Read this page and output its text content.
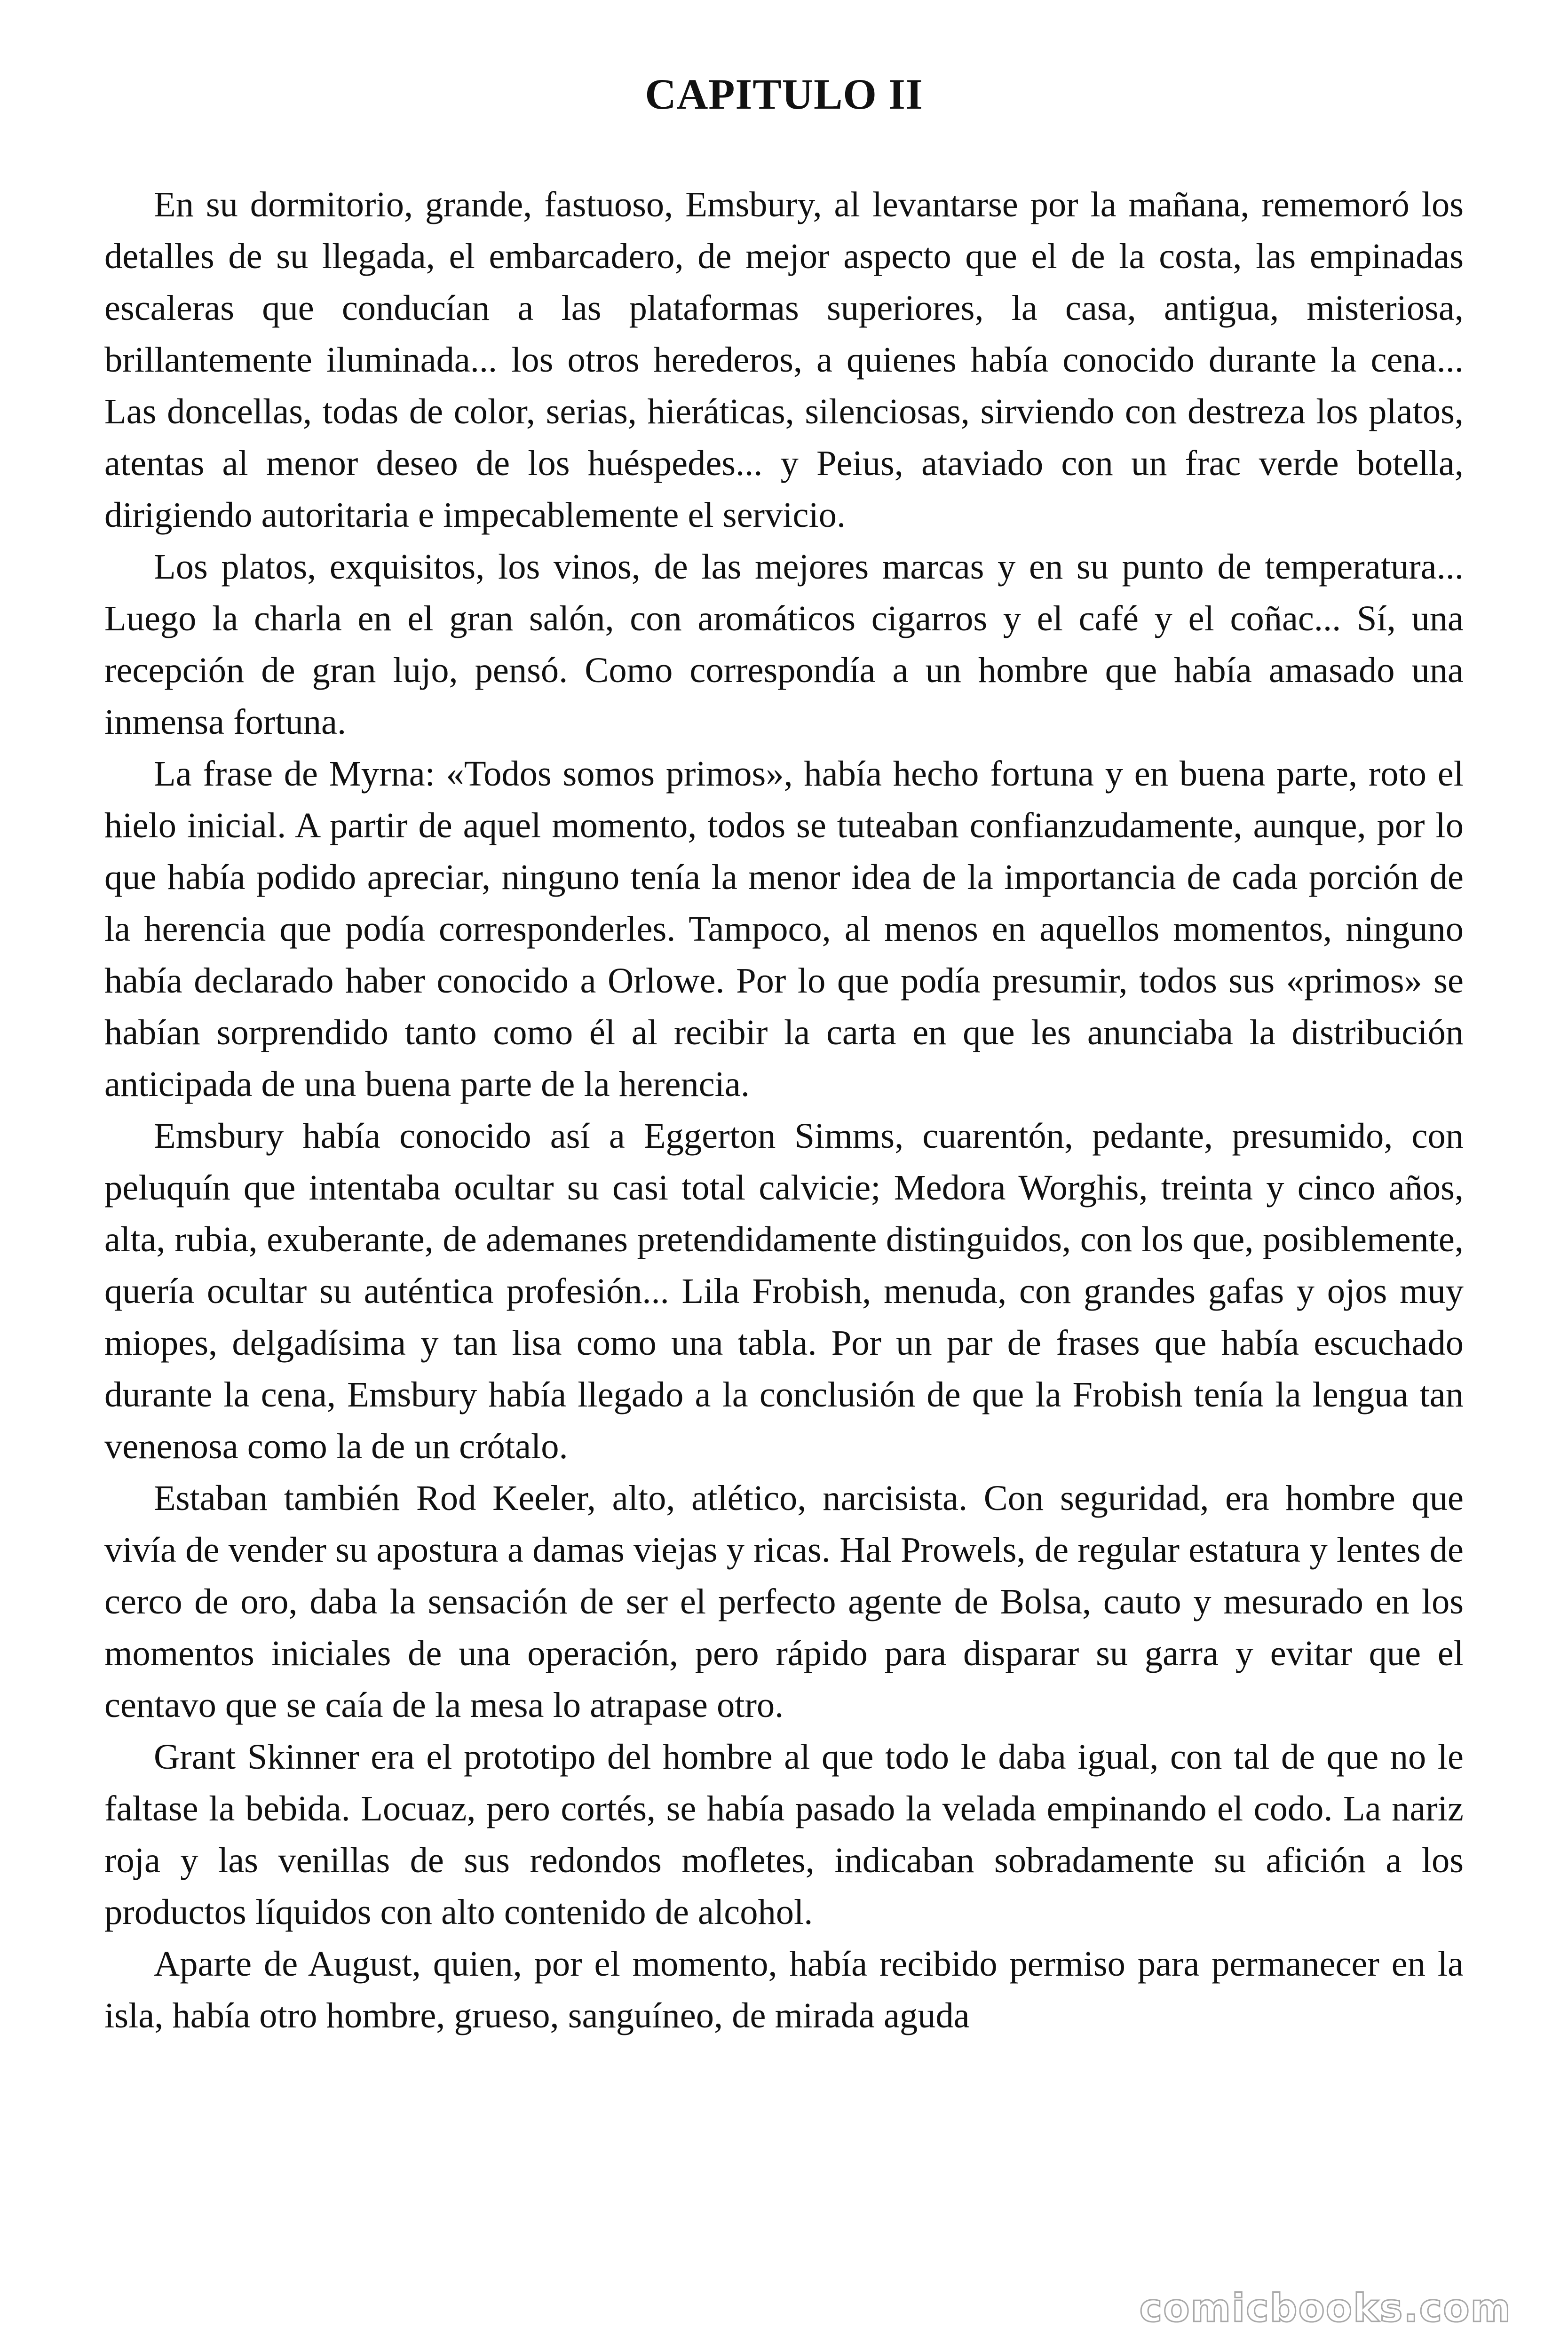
CAPITULO II

En su dormitorio, grande, fastuoso, Emsbury, al levantarse por la mañana, rememoró los detalles de su llegada, el embarcadero, de mejor aspecto que el de la costa, las empinadas escaleras que conducían a las plataformas superiores, la casa, antigua, misteriosa, brillantemente iluminada... los otros herederos, a quienes había conocido durante la cena... Las doncellas, todas de color, serias, hieráticas, silenciosas, sirviendo con destreza los platos, atentas al menor deseo de los huéspedes... y Peius, ataviado con un frac verde botella, dirigiendo autoritaria e impecablemente el servicio.

Los platos, exquisitos, los vinos, de las mejores marcas y en su punto de temperatura... Luego la charla en el gran salón, con aromáticos cigarros y el café y el coñac... Sí, una recepción de gran lujo, pensó. Como correspondía a un hombre que había amasado una inmensa fortuna.

La frase de Myrna: «Todos somos primos», había hecho fortuna y en buena parte, roto el hielo inicial. A partir de aquel momento, todos se tuteaban confianzudamente, aunque, por lo que había podido apreciar, ninguno tenía la menor idea de la importancia de cada porción de la herencia que podía corresponderles. Tampoco, al menos en aquellos momentos, ninguno había declarado haber conocido a Orlowe. Por lo que podía presumir, todos sus «primos» se habían sorprendido tanto como él al recibir la carta en que les anunciaba la distribución anticipada de una buena parte de la herencia.

Emsbury había conocido así a Eggerton Simms, cuarentón, pedante, presumido, con peluquín que intentaba ocultar su casi total calvicie; Medora Worghis, treinta y cinco años, alta, rubia, exuberante, de ademanes pretendidamente distinguidos, con los que, posiblemente, quería ocultar su auténtica profesión... Lila Frobish, menuda, con grandes gafas y ojos muy miopes, delgadísima y tan lisa como una tabla. Por un par de frases que había escuchado durante la cena, Emsbury había llegado a la conclusión de que la Frobish tenía la lengua tan venenosa como la de un crótalo.

Estaban también Rod Keeler, alto, atlético, narcisista. Con seguridad, era hombre que vivía de vender su apostura a damas viejas y ricas. Hal Prowels, de regular estatura y lentes de cerco de oro, daba la sensación de ser el perfecto agente de Bolsa, cauto y mesurado en los momentos iniciales de una operación, pero rápido para disparar su garra y evitar que el centavo que se caía de la mesa lo atrapase otro.

Grant Skinner era el prototipo del hombre al que todo le daba igual, con tal de que no le faltase la bebida. Locuaz, pero cortés, se había pasado la velada empinando el codo. La nariz roja y las venillas de sus redondos mofletes, indicaban sobradamente su afición a los productos líquidos con alto contenido de alcohol.

Aparte de August, quien, por el momento, había recibido permiso para permanecer en la isla, había otro hombre, grueso, sanguíneo, de mirada aguda

comicbooks.com
